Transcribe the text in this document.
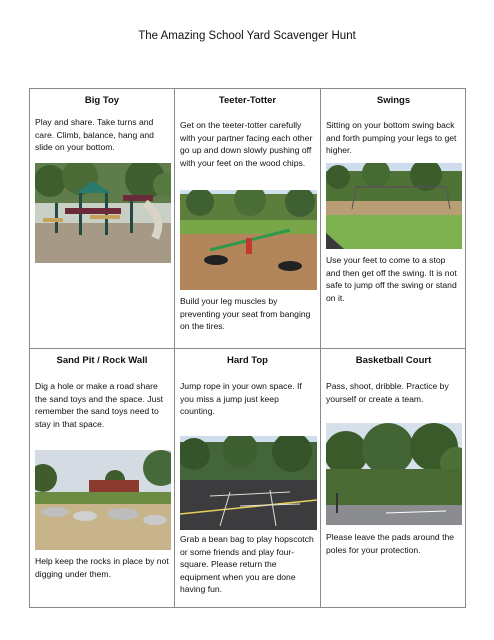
The Amazing School Yard Scavenger Hunt
Big Toy
Play and share. Take turns and care. Climb, balance, hang and slide on your bottom.
Teeter-Totter
Get on the teeter-totter carefully with your partner facing each other go up and down slowly pushing off with your feet on the wood chips.
Build your leg muscles by preventing your seat from banging on the tires.
Swings
Sitting on your bottom swing back and forth pumping your legs to get higher.
Use your feet to come to a stop and then get off the swing. It is not safe to jump off the swing or stand on it.
Sand Pit / Rock Wall
Dig a hole or make a road share the sand toys and the space. Just remember the sand toys need to stay in that space.
Help keep the rocks in place by not digging under them.
Hard Top
Jump rope in your own space. If you miss a jump just keep counting.
Grab a bean bag to play hopscotch or some friends and play four-square. Please return the equipment when you are done having fun.
Basketball Court
Pass, shoot, dribble. Practice by yourself or create a team.
Please leave the pads around the poles for your protection.
